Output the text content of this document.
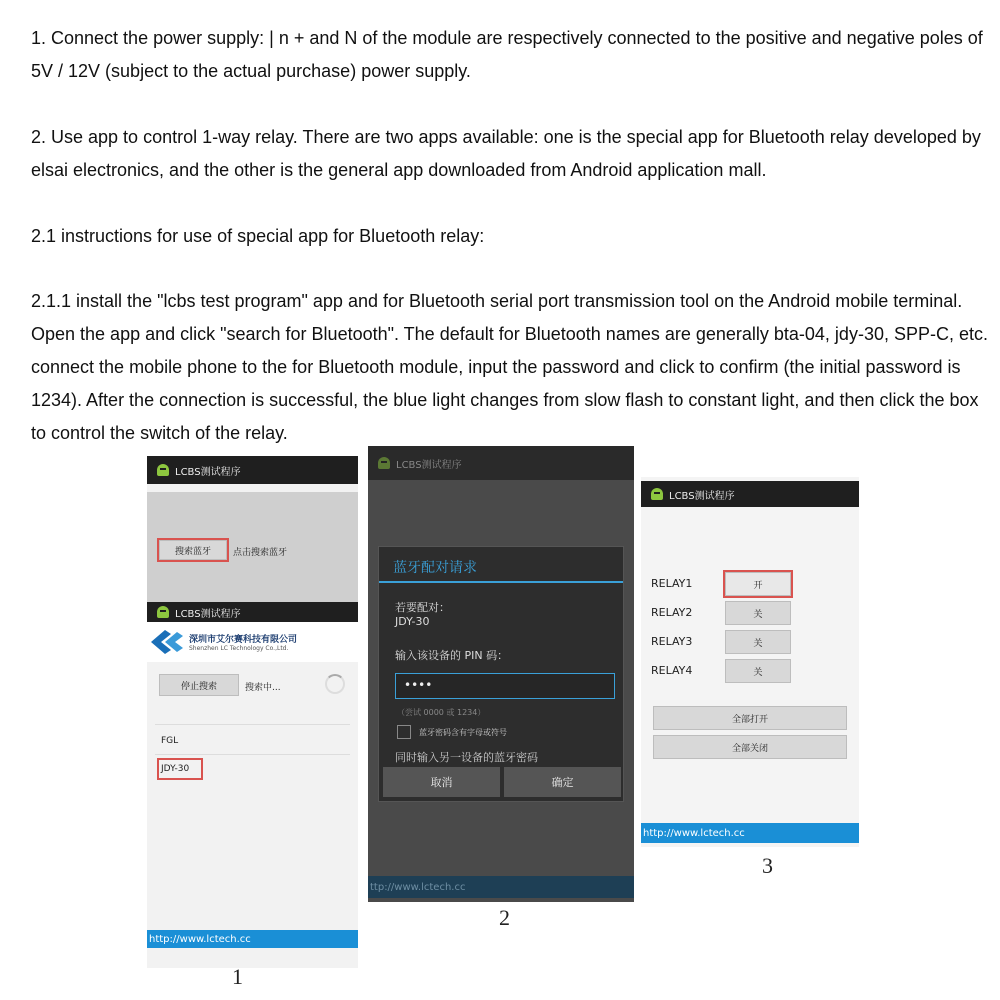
1. Connect the power supply: | n + and N of the module are respectively connected to the positive and negative poles of 5V / 12V (subject to the actual purchase) power supply.
2. Use app to control 1-way relay. There are two apps available: one is the special app for Bluetooth relay developed by elsai electronics, and the other is the general app downloaded from Android application mall.
2.1 instructions for use of special app for Bluetooth relay:
2.1.1 install the "lcbs test program" app and for Bluetooth serial port transmission tool on the Android mobile terminal. Open the app and click "search for Bluetooth". The default for Bluetooth names are generally bta-04, jdy-30, SPP-C, etc. connect the mobile phone to the for Bluetooth module, input the password and click to confirm (the initial password is 1234). After the connection is successful, the blue light changes from slow flash to constant light, and then click the box to control the switch of the relay.
LCBS测试程序
搜索蓝牙	点击搜索蓝牙
LCBS测试程序
深圳市艾尔赛科技有限公司
Shenzhen LC Technology Co.,Ltd.
停止搜索	搜索中...
FGL
JDY-30
http://www.lctech.cc
1
LCBS测试程序
蓝牙配对请求
若要配对：
JDY-30
输入该设备的 PIN 码：
••••
（尝试 0000 或 1234）
蓝牙密码含有字母或符号
同时输入另一设备的蓝牙密码
取消	确定
ttp://www.lctech.cc
2
LCBS测试程序
RELAY1	开
RELAY2	关
RELAY3	关
RELAY4	关
全部打开
全部关闭
http://www.lctech.cc
3
